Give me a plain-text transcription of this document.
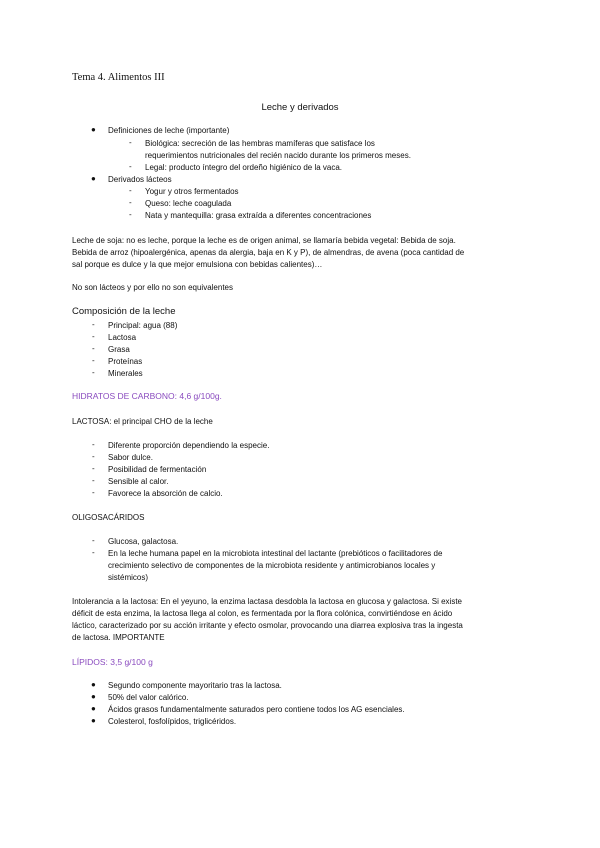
Tema 4. Alimentos III
Leche y derivados
● Definiciones de leche (importante)
- Biológica: secreción de las hembras mamíferas que satisface los
requerimientos nutricionales del recién nacido durante los primeros meses.
- Legal: producto íntegro del ordeño higiénico de la vaca.
● Derivados lácteos
- Yogur y otros fermentados
- Queso: leche coagulada
- Nata y mantequilla: grasa extraída a diferentes concentraciones
Leche de soja: no es leche, porque la leche es de origen animal, se llamaría bebida vegetal: Bebida de soja.
Bebida de arroz (hipoalergénica, apenas da alergia, baja en K y P), de almendras, de avena (poca cantidad de
sal porque es dulce y la que mejor emulsiona con bebidas calientes)…
No son lácteos y por ello no son equivalentes
Composición de la leche
- Principal: agua (88)
- Lactosa
- Grasa
- Proteínas
- Minerales
HIDRATOS DE CARBONO: 4,6 g/100g.
LACTOSA: el principal CHO de la leche
- Diferente proporción dependiendo la especie.
- Sabor dulce.
- Posibilidad de fermentación
- Sensible al calor.
- Favorece la absorción de calcio.
OLIGOSACÁRIDOS
- Glucosa, galactosa.
- En la leche humana papel en la microbiota intestinal del lactante (prebióticos o facilitadores de
crecimiento selectivo de componentes de la microbiota residente y antimicrobianos locales y
sistémicos)
Intolerancia a la lactosa: En el yeyuno, la enzima lactasa desdobla la lactosa en glucosa y galactosa. Si existe
déficit de esta enzima, la lactosa llega al colon, es fermentada por la flora colónica, convirtiéndose en ácido
láctico, caracterizado por su acción irritante y efecto osmolar, provocando una diarrea explosiva tras la ingesta
de lactosa. IMPORTANTE
LÍPIDOS: 3,5 g/100 g
● Segundo componente mayoritario tras la lactosa.
● 50% del valor calórico.
● Ácidos grasos fundamentalmente saturados pero contiene todos los AG esenciales.
● Colesterol, fosfolípidos, triglicéridos.
